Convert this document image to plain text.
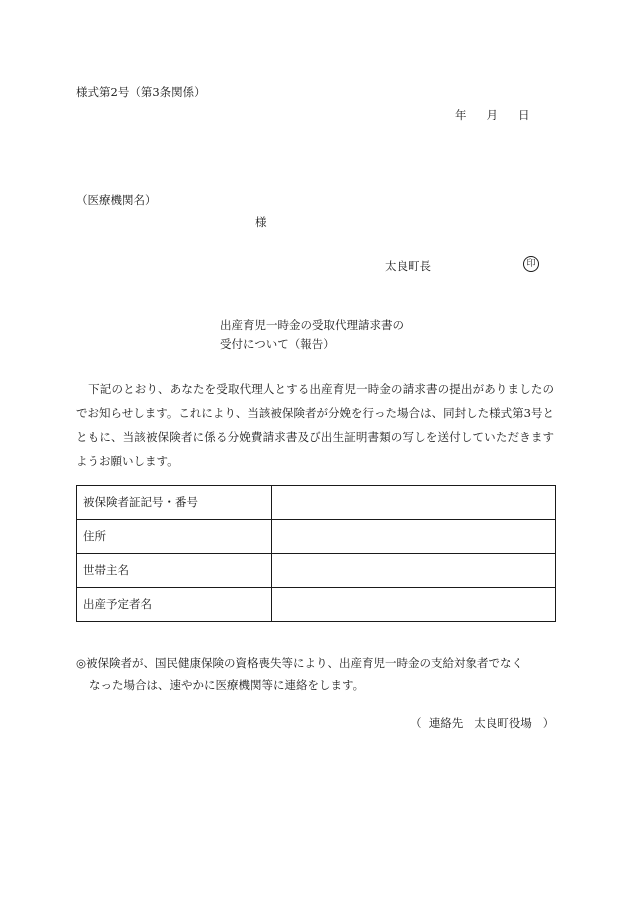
様式第2号（第3条関係）
年 月 日
（医療機関名）
様
太良町長	印
出産育児一時金の受取代理請求書の
受付について（報告）
下記のとおり、あなたを受取代理人とする出産育児一時金の請求書の提出がありましたのでお知らせします。これにより、当該被保険者が分娩を行った場合は、同封した様式第3号とともに、当該被保険者に係る分娩費請求書及び出生証明書類の写しを送付していただきますようお願いします。
被保険者証記号・番号	
住所	
世帯主名	
出産予定者名	
◎被保険者が、国民健康保険の資格喪失等により、出産育児一時金の支給対象者でなく
なった場合は、速やかに医療機関等に連絡をします。
（ 連絡先 太良町役場 ）
